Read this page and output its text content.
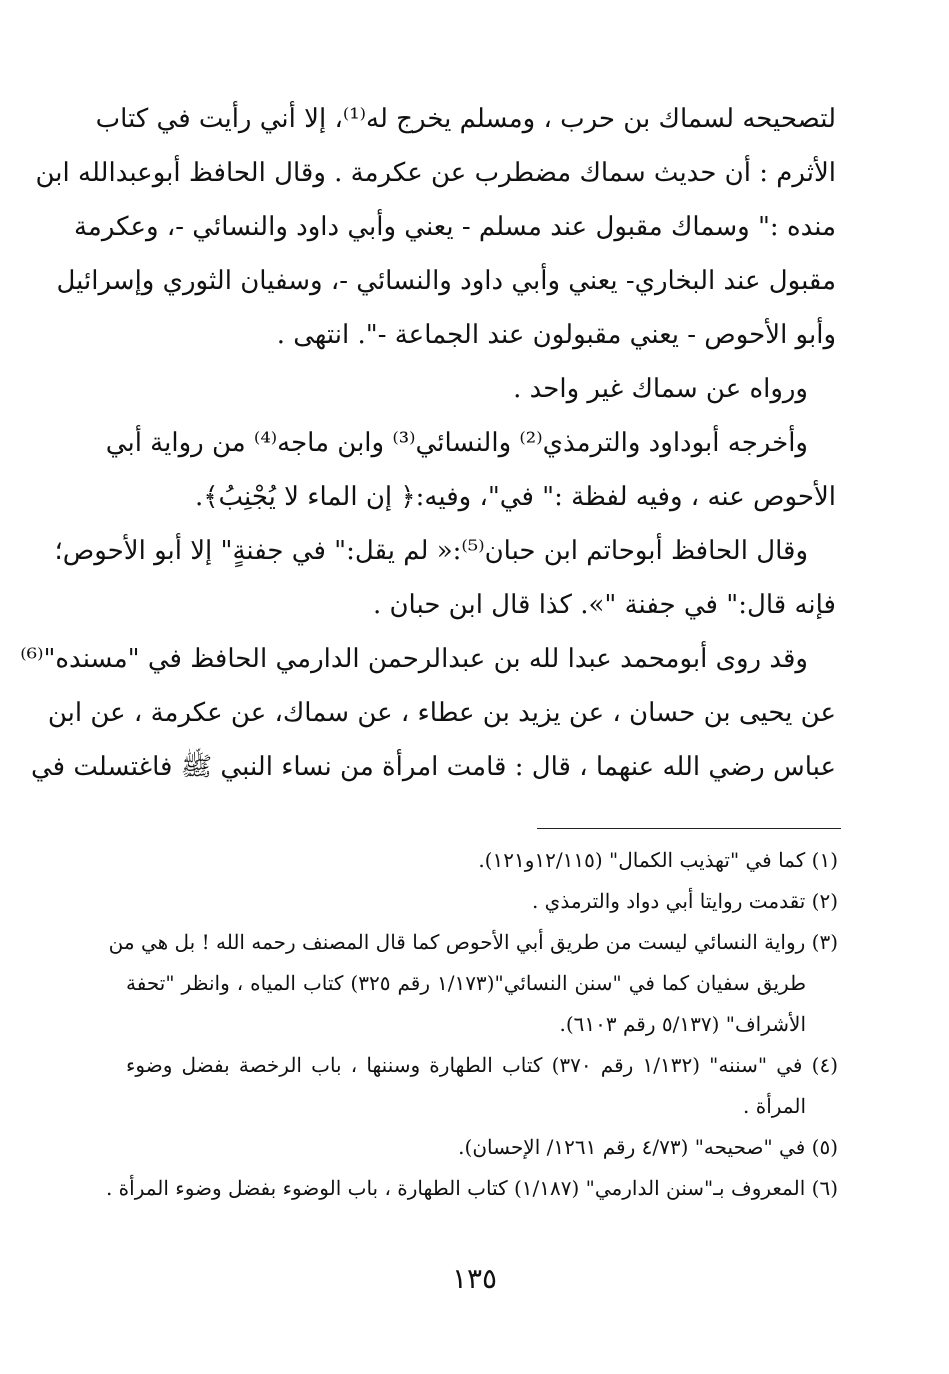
لتصحيحه لسماك بن حرب ، ومسلم يخرج له⁽¹⁾، إلا أني رأيت في كتاب
الأثرم : أن حديث سماك مضطرب عن عكرمة . وقال الحافظ أبوعبدالله ابن
منده :" وسماك مقبول عند مسلم - يعني وأبي داود والنسائي -، وعكرمة
مقبول عند البخاري- يعني وأبي داود والنسائي -، وسفيان الثوري وإسرائيل
وأبو الأحوص - يعني مقبولون عند الجماعة -". انتهى .
ورواه عن سماك غير واحد .
وأخرجه أبوداود والترمذي⁽²⁾ والنسائي⁽³⁾ وابن ماجه⁽⁴⁾ من رواية أبي
الأحوص عنه ، وفيه لفظة :" في"، وفيه:﴿ إن الماء لا يُجْنِبُ﴾.
وقال الحافظ أبوحاتم ابن حبان⁽⁵⁾:« لم يقل:" في جفنةٍ" إلا أبو الأحوص؛
فإنه قال:" في جفنة "». كذا قال ابن حبان .
وقد روى أبومحمد عبدا لله بن عبدالرحمن الدارمي الحافظ في "مسنده"⁽⁶⁾
عن يحيى بن حسان ، عن يزيد بن عطاء ، عن سماك، عن عكرمة ، عن ابن
عباس رضي الله عنهما ، قال : قامت امرأة من نساء النبي ﷺ فاغتسلت في
(١) كما في "تهذيب الكمال" (١٢/١١٥و١٢١).
(٢) تقدمت روايتا أبي دواد والترمذي .
(٣) رواية النسائي ليست من طريق أبي الأحوص كما قال المصنف رحمه الله ! بل هي من
طريق سفيان كما في "سنن النسائي"(١/١٧٣ رقم ٣٢٥) كتاب المياه ، وانظر "تحفة
الأشراف" (٥/١٣٧ رقم ٦١٠٣).
(٤) في "سننه" (١/١٣٢ رقم ٣٧٠) كتاب الطهارة وسننها ، باب الرخصة بفضل وضوء
المرأة .
(٥) في "صحيحه" (٤/٧٣ رقم ١٢٦١/ الإحسان).
(٦) المعروف بـ"سنن الدارمي" (١/١٨٧) كتاب الطهارة ، باب الوضوء بفضل وضوء المرأة .
١٣٥
